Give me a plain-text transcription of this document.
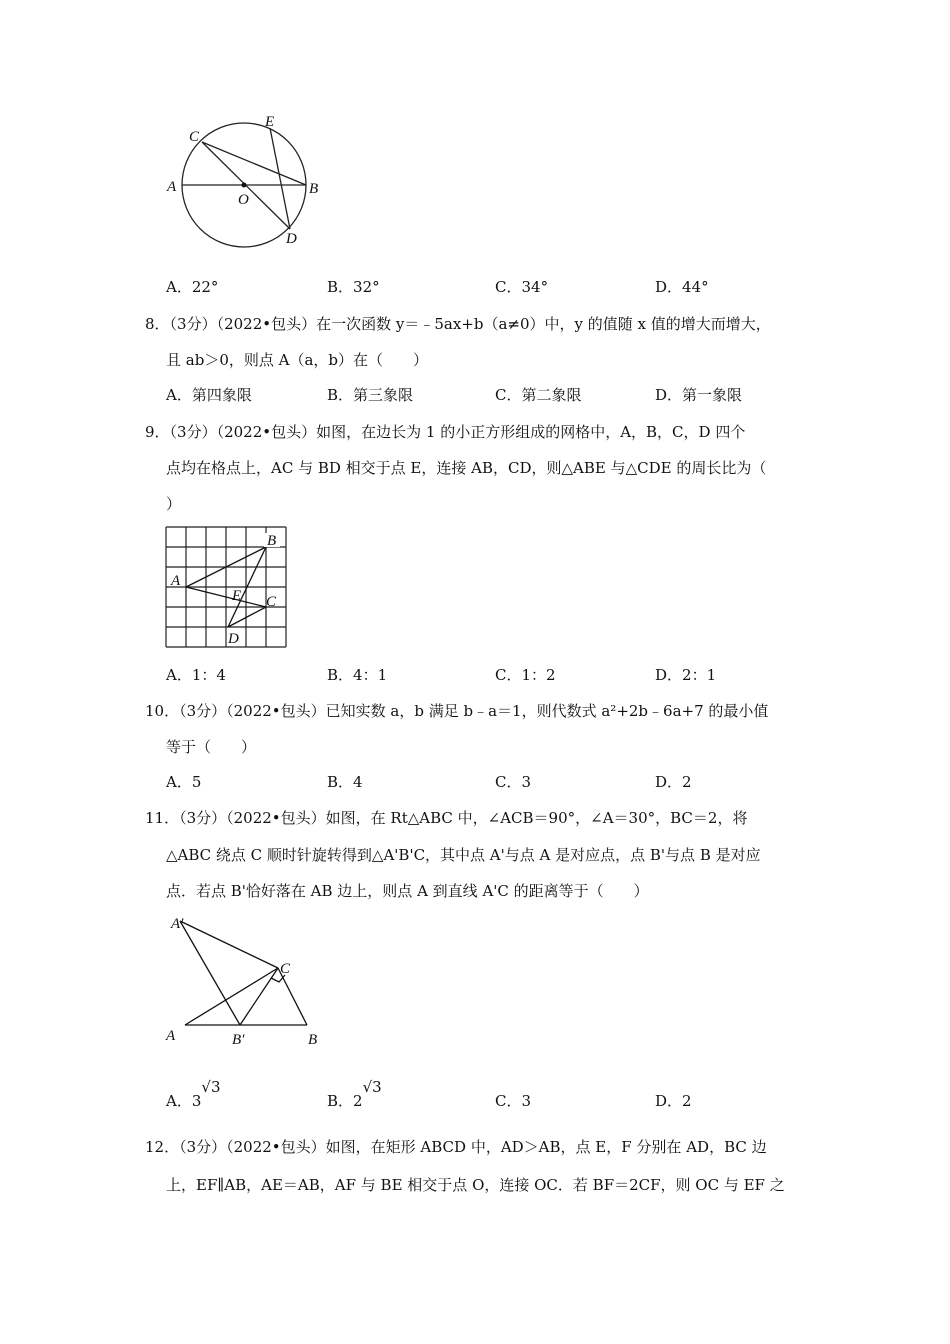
A	B
C
E
O
D
A．22°	B．32°	C．34°	D．44°
8．（3分）（2022•包头）在一次函数 y＝﹣5ax+b（a≠0）中，y 的值随 x 值的增大而增大，
且 ab＞0，则点 A（a，b）在（　　）
A．第四象限	B．第三象限	C．第二象限	D．第一象限
9．（3分）（2022•包头）如图，在边长为 1 的小正方形组成的网格中，A，B，C，D 四个
点均在格点上，AC 与 BD 相交于点 E，连接 AB，CD，则△ABE 与△CDE 的周长比为（
）
A
B
C
E
D
A．1：4	B．4：1	C．1：2	D．2：1
10．（3分）（2022•包头）已知实数 a，b 满足 b﹣a＝1，则代数式 a²+2b﹣6a+7 的最小值
等于（　　）
A．5	B．4	C．3	D．2
11．（3分）（2022•包头）如图，在 Rt△ABC 中，∠ACB＝90°，∠A＝30°，BC＝2，将
△ABC 绕点 C 顺时针旋转得到△A'B'C，其中点 A'与点 A 是对应点，点 B'与点 B 是对应
点．若点 B'恰好落在 AB 边上，则点 A 到直线 A'C 的距离等于（　　）
A′
C
A	B′	B
A．3√3
B．2√3
C．3	D．2
12．（3分）（2022•包头）如图，在矩形 ABCD 中，AD＞AB，点 E，F 分别在 AD，BC 边
上，EF∥AB，AE＝AB，AF 与 BE 相交于点 O，连接 OC．若 BF＝2CF，则 OC 与 EF 之
